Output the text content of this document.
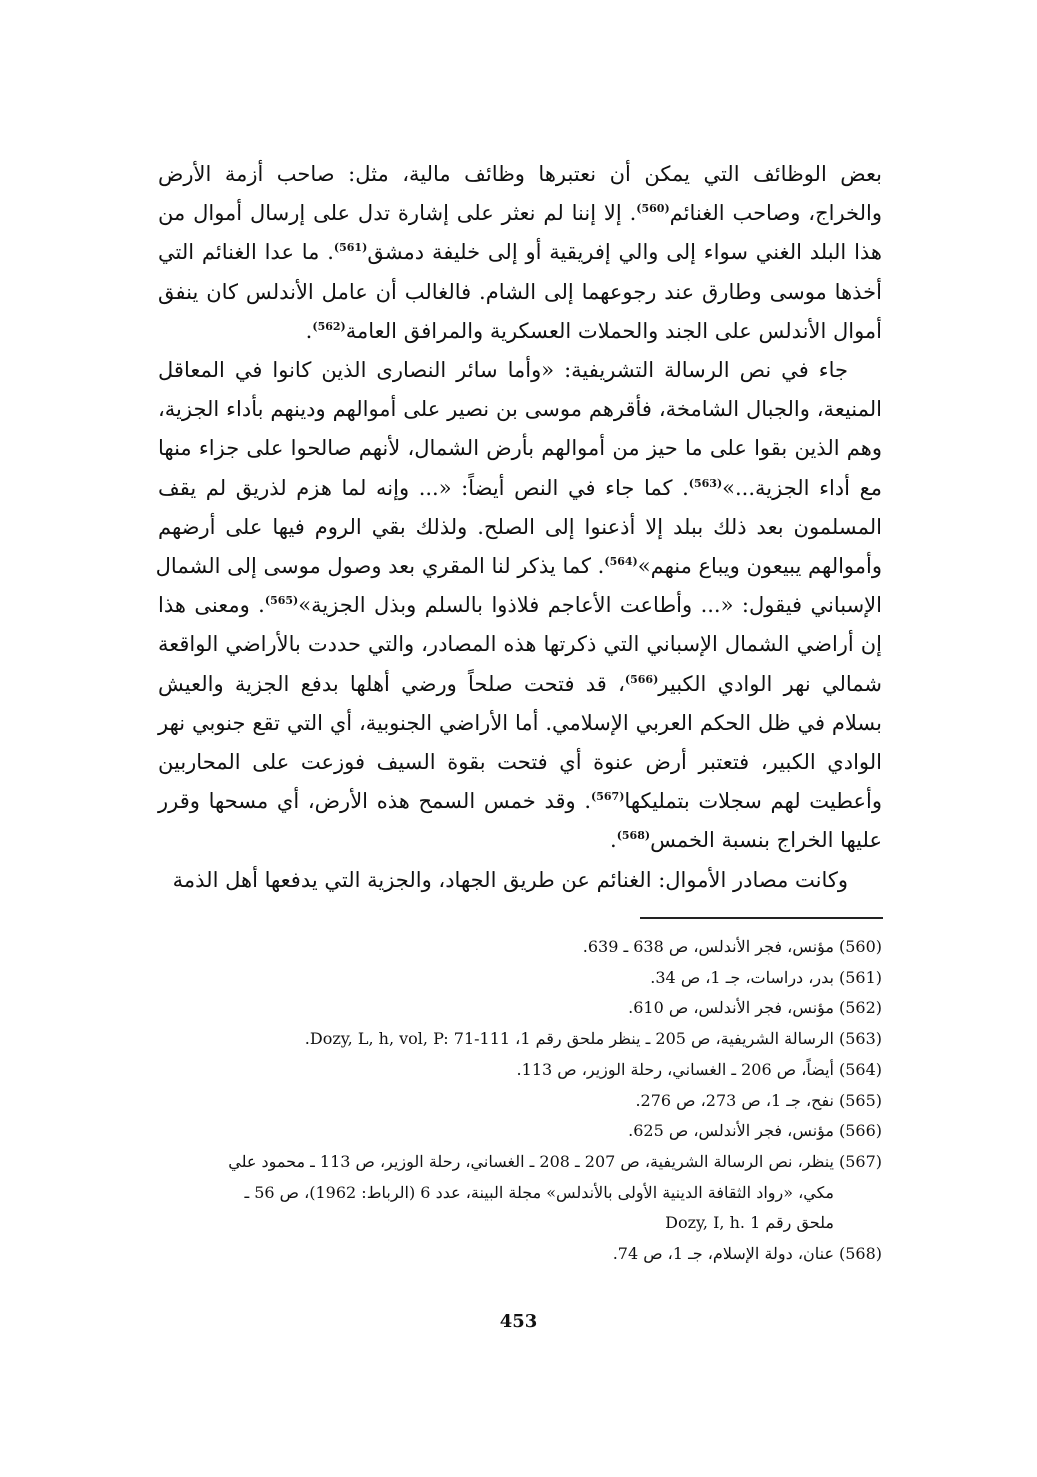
بعض الوظائف التي يمكن أن نعتبرها وظائف مالية، مثل: صاحب أزمة الأرض
والخراج، وصاحب الغنائم$^{(560)}$. إلا إننا لم نعثر على إشارة تدل على إرسال أموال من
هذا البلد الغني سواء إلى والي إفريقية أو إلى خليفة دمشق$^{(561)}$. ما عدا الغنائم التي
أخذها موسى وطارق عند رجوعهما إلى الشام. فالغالب أن عامل الأندلس كان ينفق
أموال الأندلس على الجند والحملات العسكرية والمرافق العامة$^{(562)}$.

جاء في نص الرسالة التشريفية: «وأما سائر النصارى الذين كانوا في المعاقل
المنيعة، والجبال الشامخة، فأقرهم موسى بن نصير على أموالهم ودينهم بأداء الجزية،
وهم الذين بقوا على ما حيز من أموالهم بأرض الشمال، لأنهم صالحوا على جزاء منها
مع أداء الجزية...»$^{(563)}$. كما جاء في النص أيضاً: «... وإنه لما هزم لذريق لم يقف
المسلمون بعد ذلك ببلد إلا أذعنوا إلى الصلح. ولذلك بقي الروم فيها على أرضهم
وأموالهم يبيعون ويباع منهم»$^{(564)}$. كما يذكر لنا المقري بعد وصول موسى إلى الشمال
الإسباني فيقول: «... وأطاعت الأعاجم فلاذوا بالسلم وبذل الجزية»$^{(565)}$. ومعنى هذا
إن أراضي الشمال الإسباني التي ذكرتها هذه المصادر، والتي حددت بالأراضي الواقعة
شمالي نهر الوادي الكبير$^{(566)}$، قد فتحت صلحاً ورضي أهلها بدفع الجزية والعيش
بسلام في ظل الحكم العربي الإسلامي. أما الأراضي الجنوبية، أي التي تقع جنوبي نهر
الوادي الكبير، فتعتبر أرض عنوة أي فتحت بقوة السيف فوزعت على المحاربين
وأعطيت لهم سجلات بتمليكها$^{(567)}$. وقد خمس السمح هذه الأرض، أي مسحها وقرر
عليها الخراج بنسبة الخمس$^{(568)}$.

وكانت مصادر الأموال: الغنائم عن طريق الجهاد، والجزية التي يدفعها أهل الذمة

(560)
مؤنس، فجر الأندلس، ص 638 ـ 639.
(561)
بدر، دراسات، جـ 1، ص 34.
(562)
مؤنس، فجر الأندلس، ص 610.
(563)
الرسالة الشريفية، ص 205 ـ ينظر ملحق رقم 1، Dozy, L, h, vol, P: 71-111.
(564)
أيضاً، ص 206 ـ الغساني، رحلة الوزير، ص 113.
(565)
نفح، جـ 1، ص 273، ص 276.
(566)
مؤنس، فجر الأندلس، ص 625.
(567)
ينظر، نص الرسالة الشريفية، ص 207 ـ 208 ـ الغساني، رحلة الوزير، ص 113 ـ محمود علي
مكي، «رواد الثقافة الدينية الأولى بالأندلس» مجلة البينة، عدد 6 (الرباط: 1962)، ص 56 ـ
ملحق رقم 1 .Dozy, I, h
(568)
عنان، دولة الإسلام، جـ 1، ص 74.
453
